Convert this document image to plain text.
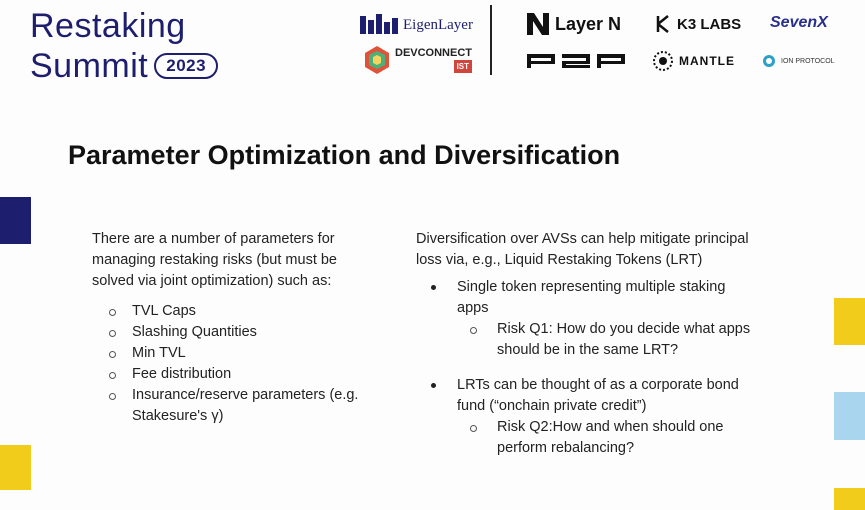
Restaking
Summit	2023
EigenLayer
DEVCONNECT
IST
Layer N	K3 LABS SevenX
MANTLE	ION PROTOCOL
Parameter Optimization and Diversification

There are a number of parameters for managing restaking risks (but must be solved via joint optimization) such as:

TVL Caps
Slashing Quantities
Min TVL
Fee distribution
Insurance/reserve parameters (e.g. Stakesure's γ)

Diversification over AVSs can help mitigate principal loss via, e.g., Liquid Restaking Tokens (LRT)

Single token representing multiple staking apps
Risk Q1: How do you decide what apps should be in the same LRT?
LRTs can be thought of as a corporate bond fund (“onchain private credit”)
Risk Q2:How and when should one perform rebalancing?
